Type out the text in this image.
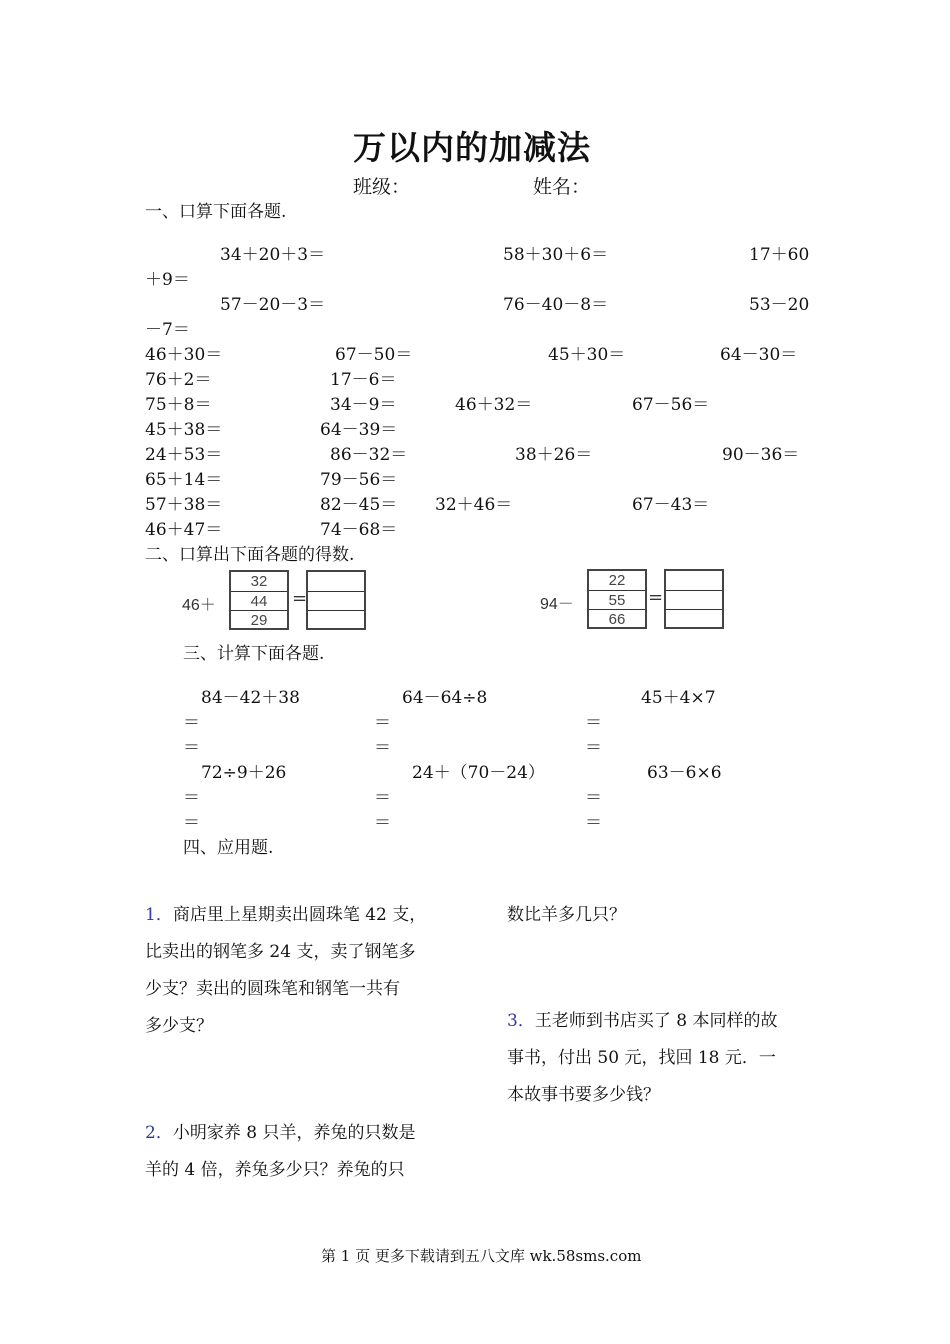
万以内的加减法
班级：	姓名：
一、口算下面各题.
34＋20＋3＝	58＋30＋6＝	17＋60
＋9＝
57－20－3＝	76－40－8＝	53－20
－7＝
46＋30＝	67－50＝	45＋30＝	64－30＝
76＋2＝	17－6＝
75＋8＝	34－9＝	46＋32＝	67－56＝
45＋38＝	64－39＝
24＋53＝	86－32＝	38＋26＝	90－36＝
65＋14＝	79－56＝
57＋38＝	82－45＝ 32＋46＝	67－43＝
46＋47＝	74－68＝
二、口算出下面各题的得数.
46＋
32
44
29
=	94－
22
55
66
=
三、计算下面各题.
84－42＋38	64－64÷8	45＋4×7
＝	＝	＝
＝	＝	＝
72÷9＋26	24＋（70－24）	63－6×6
＝	＝	＝
＝	＝	＝
四、应用题.
1．商店里上星期卖出圆珠笔 42 支，
比卖出的钢笔多 24 支，卖了钢笔多
少支？卖出的圆珠笔和钢笔一共有
多少支？
2．小明家养 8 只羊，养兔的只数是
羊的 4 倍，养兔多少只？养兔的只
数比羊多几只？
3．王老师到书店买了 8 本同样的故
事书，付出 50 元，找回 18 元．一
本故事书要多少钱？
第 1 页 更多下载请到五八文库 wk.58sms.com
